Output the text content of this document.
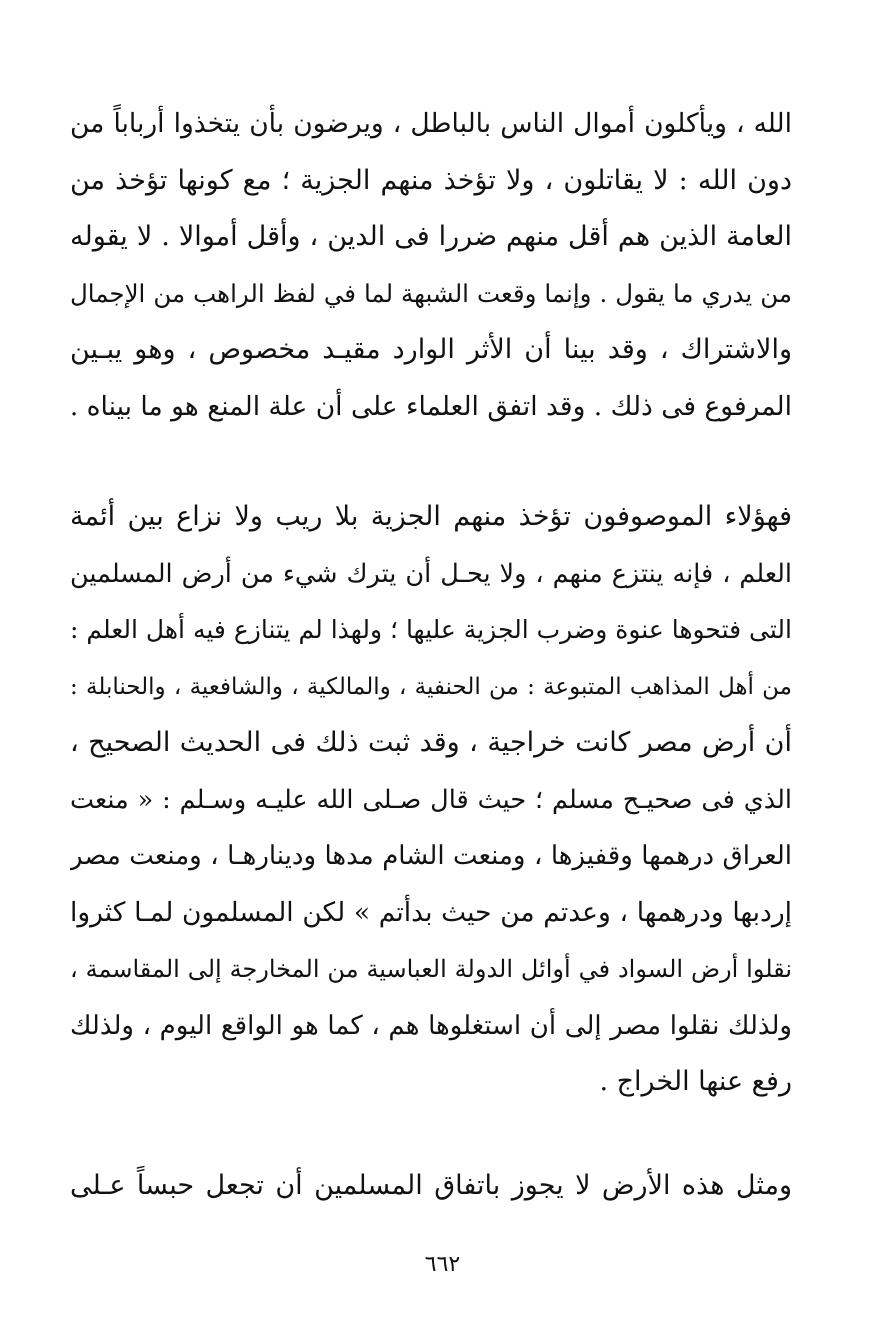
الله ، ويأكلون أموال الناس بالباطل ، ويرضون بأن يتخذوا أرباباً من
دون الله : لا يقاتلون ، ولا تؤخذ منهم الجزية ؛ مع كونها تؤخذ من
العامة الذين هم أقل منهم ضررا فى الدين ، وأقل أموالا . لا يقوله
من يدري ما يقول . وإنما وقعت الشبهة لما في لفظ الراهب من الإجمال
والاشتراك ، وقد بينا أن الأثر الوارد مقيـد مخصوص ، وهو يبـين
المرفوع فى ذلك . وقد اتفق العلماء على أن علة المنع هو ما بيناه .
فهؤلاء الموصوفون تؤخذ منهم الجزية بلا ريب ولا نزاع بين أئمة
العلم ، فإنه ينتزع منهم ، ولا يحـل أن يترك شيء من أرض المسلمين
التى فتحوها عنوة وضرب الجزية عليها ؛ ولهذا لم يتنازع فيه أهل العلم :
من أهل المذاهب المتبوعة : من الحنفية ، والمالكية ، والشافعية ، والحنابلة :
أن أرض مصر كانت خراجية ، وقد ثبت ذلك فى الحديث الصحيح ،
الذي فى صحيـح مسلم ؛ حيث قال صـلى الله عليـه وسـلم : « منعت
العراق درهمها وقفيزها ، ومنعت الشام مدها ودينارهـا ، ومنعت مصر
إردبها ودرهمها ، وعدتم من حيث بدأتم » لكن المسلمون لمـا كثروا
نقلوا أرض السواد في أوائل الدولة العباسية من المخارجة إلى المقاسمة ،
ولذلك نقلوا مصر إلى أن استغلوها هم ، كما هو الواقع اليوم ، ولذلك
رفع عنها الخراج .
ومثل هذه الأرض لا يجوز باتفاق المسلمين أن تجعل حبساً عـلى
٦٦٢
